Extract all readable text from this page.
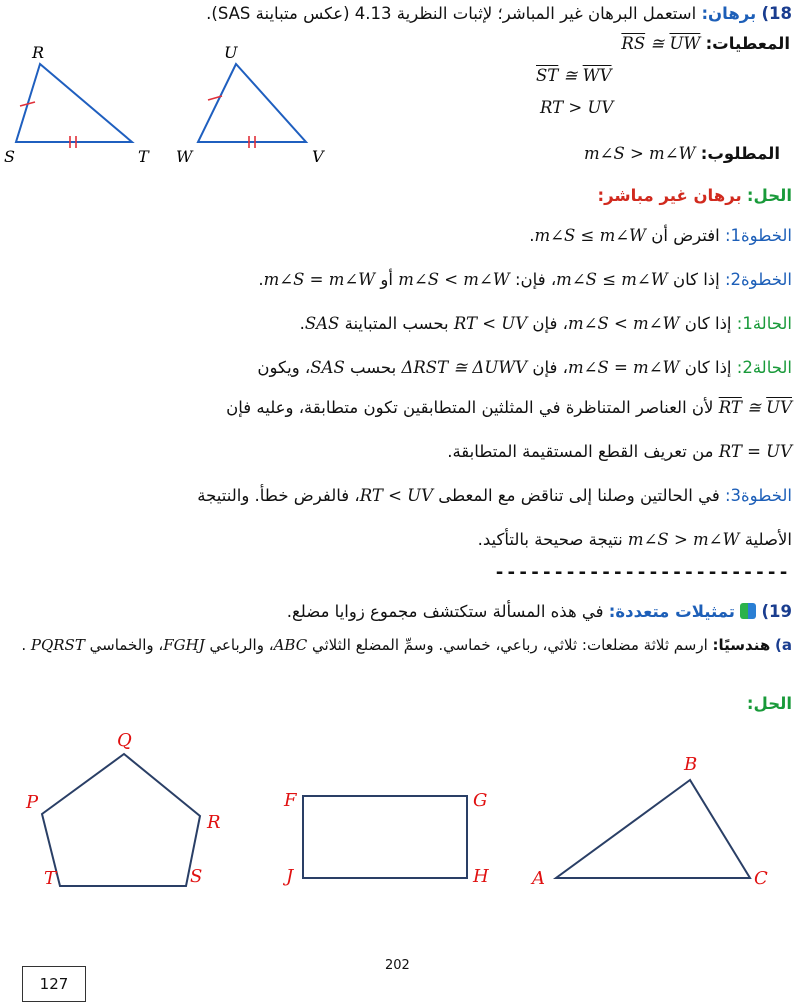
18) برهان: استعمل البرهان غير المباشر؛ لإثبات النظرية 4.13 (عكس متباينة SAS).
المعطيات: $\overline{RS}$ ≅ $\overline{UW}$
$\overline{ST}$ ≅ $\overline{WV}$
RT > UV
المطلوب: m∠S > m∠W
R
S	T
U
W	V
الحل: برهان غير مباشر:
الخطوة1: افترض أن m∠S ≤ m∠W.
الخطوة2: إذا كان m∠S ≤ m∠W، فإن: m∠S < m∠W أو m∠S = m∠W.
الحالة1: إذا كان m∠S < m∠W، فإن RT < UV بحسب المتباينة SAS.
الحالة2: إذا كان m∠S = m∠W، فإن ΔRST ≅ ΔUWV بحسب SAS، ويكون
$\overline{RT}$ ≅ $\overline{UV}$ لأن العناصر المتناظرة في المثلثين المتطابقين تكون متطابقة، وعليه فإن
RT = UV من تعريف القطع المستقيمة المتطابقة.
الخطوة3: في الحالتين وصلنا إلى تناقض مع المعطى RT < UV، فالفرض خطأ. والنتيجة
الأصلية m∠S > m∠W نتيجة صحيحة بالتأكيد.
-------------------------
19)  تمثيلات متعددة: في هذه المسألة ستكتشف مجموع زوايا مضلع.
a) هندسيًا: ارسم ثلاثة مضلعات: ثلاثي، رباعي، خماسي. وسمِّ المضلع الثلاثي ABC، والرباعي FGHJ، والخماسي PQRST .
الحل:
Q
P
R
S
T
F	G
H
J
B
A	C
202
127
